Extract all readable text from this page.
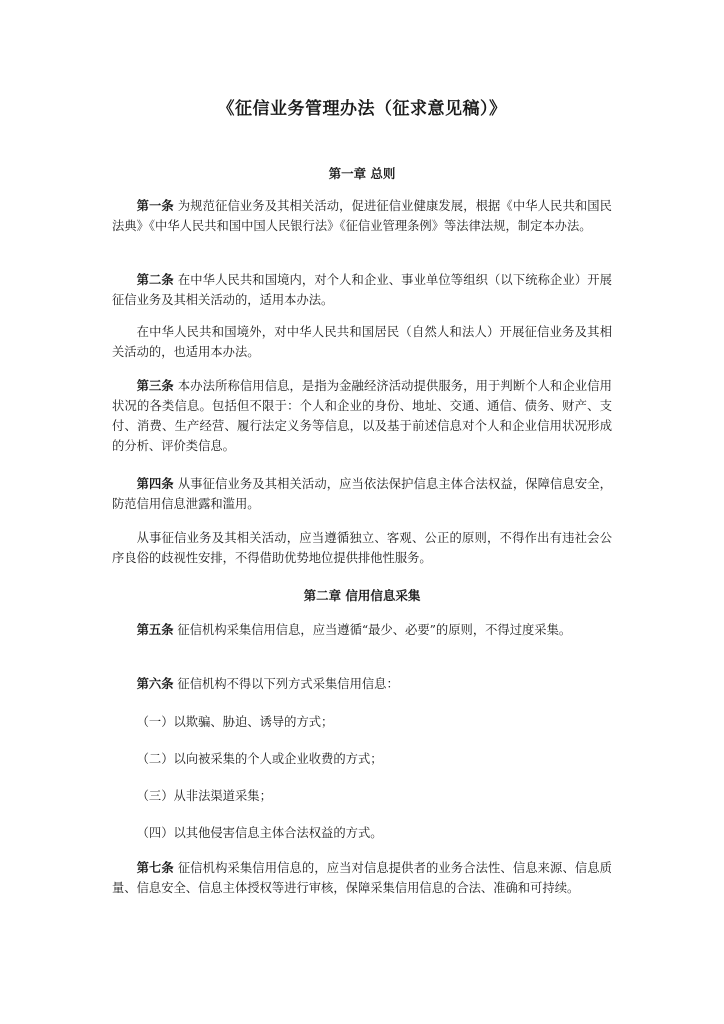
《征信业务管理办法（征求意见稿）》
第一章 总则

第一条 为规范征信业务及其相关活动，促进征信业健康发展，根据《中华人民共和国民法典》《中华人民共和国中国人民银行法》《征信业管理条例》等法律法规，制定本办法。

第二条 在中华人民共和国境内，对个人和企业、事业单位等组织（以下统称企业）开展征信业务及其相关活动的，适用本办法。

在中华人民共和国境外，对中华人民共和国居民（自然人和法人）开展征信业务及其相关活动的，也适用本办法。

第三条 本办法所称信用信息，是指为金融经济活动提供服务，用于判断个人和企业信用状况的各类信息。包括但不限于：个人和企业的身份、地址、交通、通信、债务、财产、支付、消费、生产经营、履行法定义务等信息，以及基于前述信息对个人和企业信用状况形成的分析、评价类信息。

第四条 从事征信业务及其相关活动，应当依法保护信息主体合法权益，保障信息安全，防范信用信息泄露和滥用。

从事征信业务及其相关活动，应当遵循独立、客观、公正的原则，不得作出有违社会公序良俗的歧视性安排，不得借助优势地位提供排他性服务。

第二章 信用信息采集

第五条 征信机构采集信用信息，应当遵循“最少、必要”的原则，不得过度采集。

第六条 征信机构不得以下列方式采集信用信息：

（一）以欺骗、胁迫、诱导的方式；

（二）以向被采集的个人或企业收费的方式；

（三）从非法渠道采集；

（四）以其他侵害信息主体合法权益的方式。

第七条 征信机构采集信用信息的，应当对信息提供者的业务合法性、信息来源、信息质量、信息安全、信息主体授权等进行审核，保障采集信用信息的合法、准确和可持续。
